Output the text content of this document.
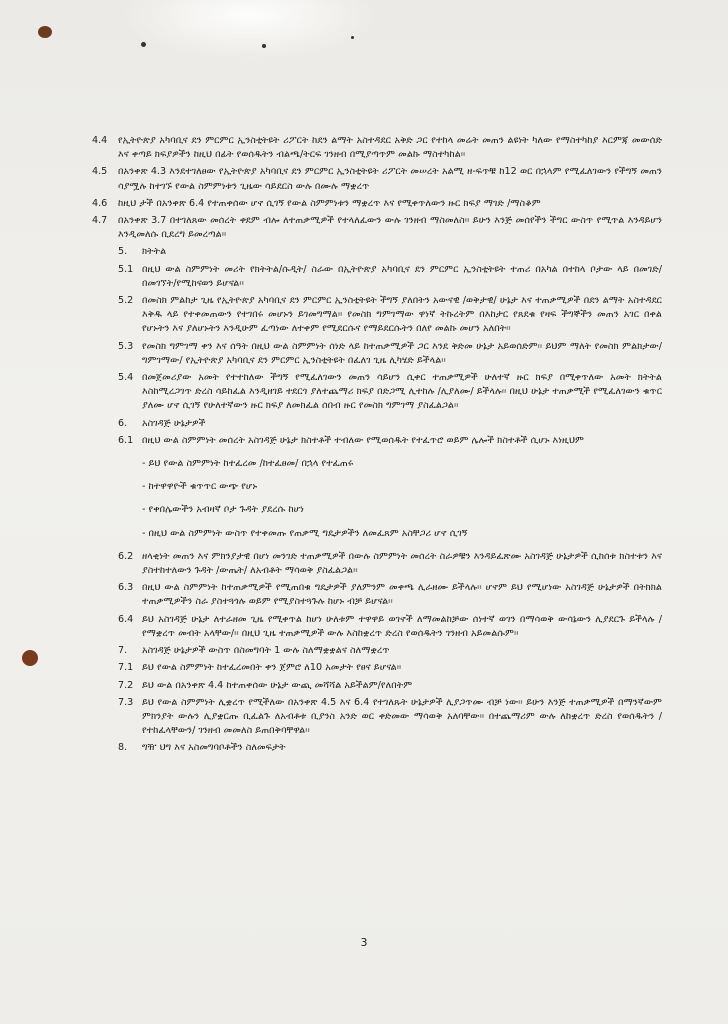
4.4	የኢትዮጵያ አካባቢና ደን ምርምር ኢንስቲትዩት ሪፖርት ከደን ልማት አስተዳደር አቅድ ጋር የተከላ መሬት መጠን ልዩነት ካለው የማስተካከያ እርምጃ መውሰድ እና ቀጣይ ክፍያዎችን ከዚህ በፊት የወሰዱትን ብልጫ/ትርፍ ገንዘብ በሚያጣጥም መልኩ ማስተካከል፡፡
4.5	በአንቀጽ 4.3 እንደተገለፀው የኢትዮጵያ አካባቢና ደን ምርምር ኢንስቲትዩት ሪፖርት መሠረት አልሚ ዘ-ፍጥቹ ከ12 ወር በኋላም የሚፈለገውን የችግኝ መጠን ሳያሟሉ ከተገኙ የውል ስምምነቱን ጊዜው ሳይደርስ ውሉ በሙሉ ማቋረጥ
4.6	ከዚህ ታች በአንቀጽ 6.4 የተጠቀሰው ሆኖ ሲገኝ የውል ስምምነቱን ማቋረጥ እና የሚቀጥለውን ዙር ክፍያ ማገድ /ማስቆም
4.7	በአንቀጽ 3.7 በተገለጸው መሰረት ቀደም ብሎ ለተጠቃሚዎች የተላለፈውን ውሉ ገንዘብ ማስመለስ፡፡ ይሁን እንጅ መሰየችን ችግር ውስጥ የሚጥል እንዳይሆን እንዲመለሱ ቢደረግ ይመረጣል፡፡
5.	ክትትል
5.1 በዚህ ውል ስምምነት መሪት የክትትል/ሱዲት/ ስራው በኢትዮጵያ አካባቢና ደን ምርምር ኢንስቲትዩት ተጠሪ በአካል በተከላ ቦታው ላይ በመገድ/በመገኘት/የሚከናወን ይሆናል፡፡
5.2 በመስክ ምልከታ ጊዜ የኢትዮጵያ አካባቢና ደን ምርምር ኢንስቲትዩት ችግኝ ያለበትን አውናዊ /ወቅታዊ/ ሁኔታ እና ተጠቃሚዎች በደን ልማት አስተዳደር እቅዱ ላይ የተቀመጠውን የተገበሩ መሆኑን ይገመግማል፡፡ የመስክ ግምገማው ዋነኛ ትኩረትም በእከታር የጸደቁ የዛፍ ችግኞችን መጠን አገር በቀል የሆኑትን እና ያለሆኑትን እንዲሁም ፈጣነው ለተቀም የሚደርሱና የማይደርሱትን በለየ መልኩ መሆን አለበት፡፡
5.3 የመስክ ግምገማ ቀን እና ሰዓት በዚህ ውል ስምምነት ሰነድ ላይ ከተጠቃሚዎች ጋር እንደ ቅድመ ሁኔታ አይወሰድም፡፡ ይህም ማለት የመስክ ምልክታው/ግምገማው/ የኢትዮጵያ አካባቢና ደን ምርምር ኢንስቲትዩት በፈለገ ጊዜ ሊካሄድ ይችላል፡፡
5.4 በመጀመሪያው አመት የተተከለው ችግኝ የሚፈለገውን መጠን ሳይሆን ሲቀር ተጠቃሚዎች ሁለተኛ ዙር ክፍያ በሚቀጥለው አመት ክትትል እስከሚረጋገጥ ድረስ ሳይከፈል እንዲዘገይ ተደርጎ ያለተጨማሪ ክፍያ በድጋሚ ሊተከሉ /ሊያለሙ/ ይችላሉ፡፡ በዚህ ሁኔታ ተጠቃሚች የሚፈለገውን ቁጥር ያለሙ ሆኖ ሲገኝ የሁለተኛውን ዙር ክፍያ ለመክፈል ሰበብ ዙር የመስክ ግምገማ ያስፈልጋል፡፡
6.	አስገዳጅ ሁኔታዎች
6.1 በዚህ ውል ስምምነት መሰረት አስገዳጅ ሁኔታ ክስተቶች ተብለው የሚወሰዱት የተፈጥሮ ወይም ሌሎች ክስተቶች ሲሆኑ እነዚህም
- ይህ የውል ስምምነት ከተፈረመ /ከተፈፀመ/ በኋላ የተፈጠሩ
- ከተዋዋዮች ቁጥጥር ውጭ የሆኑ
- የቀበሌውችን አብዛኛ ቦታ ጉዳት ያደረሱ ከሆነ
- በዚህ ውል ስምምነት ውስጥ የተቀመጡ የጠቃሚ ግዴታዎችን ለመፈጸም አስቸጋሪ ሆኖ ሲገኝ
6.2 ዘላቂነት መጠን እና ምክንያታዊ በሆነ መንገድ ተጠቃሚዎች በውሉ ስምምነት መሰረት ስራዎቹን እንዳይፈጽሙ አስገዳጅ ሁኔታዎች ሲከሰቱ ክስተቱን እና ያስተከተለውን ጉዳት /ውጤት/ ለአብቶት ማሳወቅ ያስፈልጋል፡፡
6.3 በዚህ ውል ስምምነት ከተጠቃሚዎች የሚጠበቁ ግዴታዎች ያለምንም መቀጫ ሊራዘሙ ይችላሉ፡፡ ሆኖም ይህ የሚሆነው አስገዳጅ ሁኔታዎች በትክክል ተጠቃሚዎችን ስራ ያስተጓጎሉ ወይም የሚያስተጓጉሉ ከሆኑ ብቻ ይሆናል፡፡
6.4 ይህ አስገዳጅ ሁኔታ ለተራዘመ ጊዜ የሚቀጥል ከሆነ ሁለቱም ተዋዋይ ወገኖች ለማመልከቻው ሰነተኛ ወገን በማሳወቅ ውሳኔውን ሊያደርጉ ይችላሉ /የማቋረጥ መብት አላቸው/፡፡ በዚህ ጊዜ ተጠቃሚዎች ውሉ እስከቋረጥ ድረስ የወሰዱትን ገንዘብ አይመልሱም፡፡
7.	አስገዳጅ ሁኔታዎች ውስጥ በስመግባት 1 ውሉ ስለማቋቋልና ስለማቋረጥ
7.1 ይህ የውል ስምምነት ከተፈረመበት ቀን ጀምሮ ለ10 አመታት የፀና ይሆናል፡፡
7.2 ይህ ውል በአንቀጽ 4.4 ከተጠቀሰው ሁኔታ ውጪ መሻሻል አይችልም/የለበትም
7.3 ይህ የውል ስምምነት ሊቋረጥ የሚችለው በአንቀጽ 4.5 እና 6.4 የተገለጹት ሁኔታዎች ሊያጋጥሙ ብቻ ነው፡፡ ይሁን እንጅ ተጠቃሚዎች በማንኛውም ምክንያት ውሉን ሊያቋርጡ ቢፈልጉ ለአብቶቱ ቢያንስ አንድ ወር ቀድመው ማሳወቅ አለባቸው፡፡ በተጨማሪም ውሉ ለከቋረጥ ድረስ የወሰዱትን /የተከፈላቸውን/ ገንዘብ መመለስ ይጠበቅባቸዋል፡፡
8.	ግዥ ህግ እና አስመግባቦቶችን ስለመፍታት
3
